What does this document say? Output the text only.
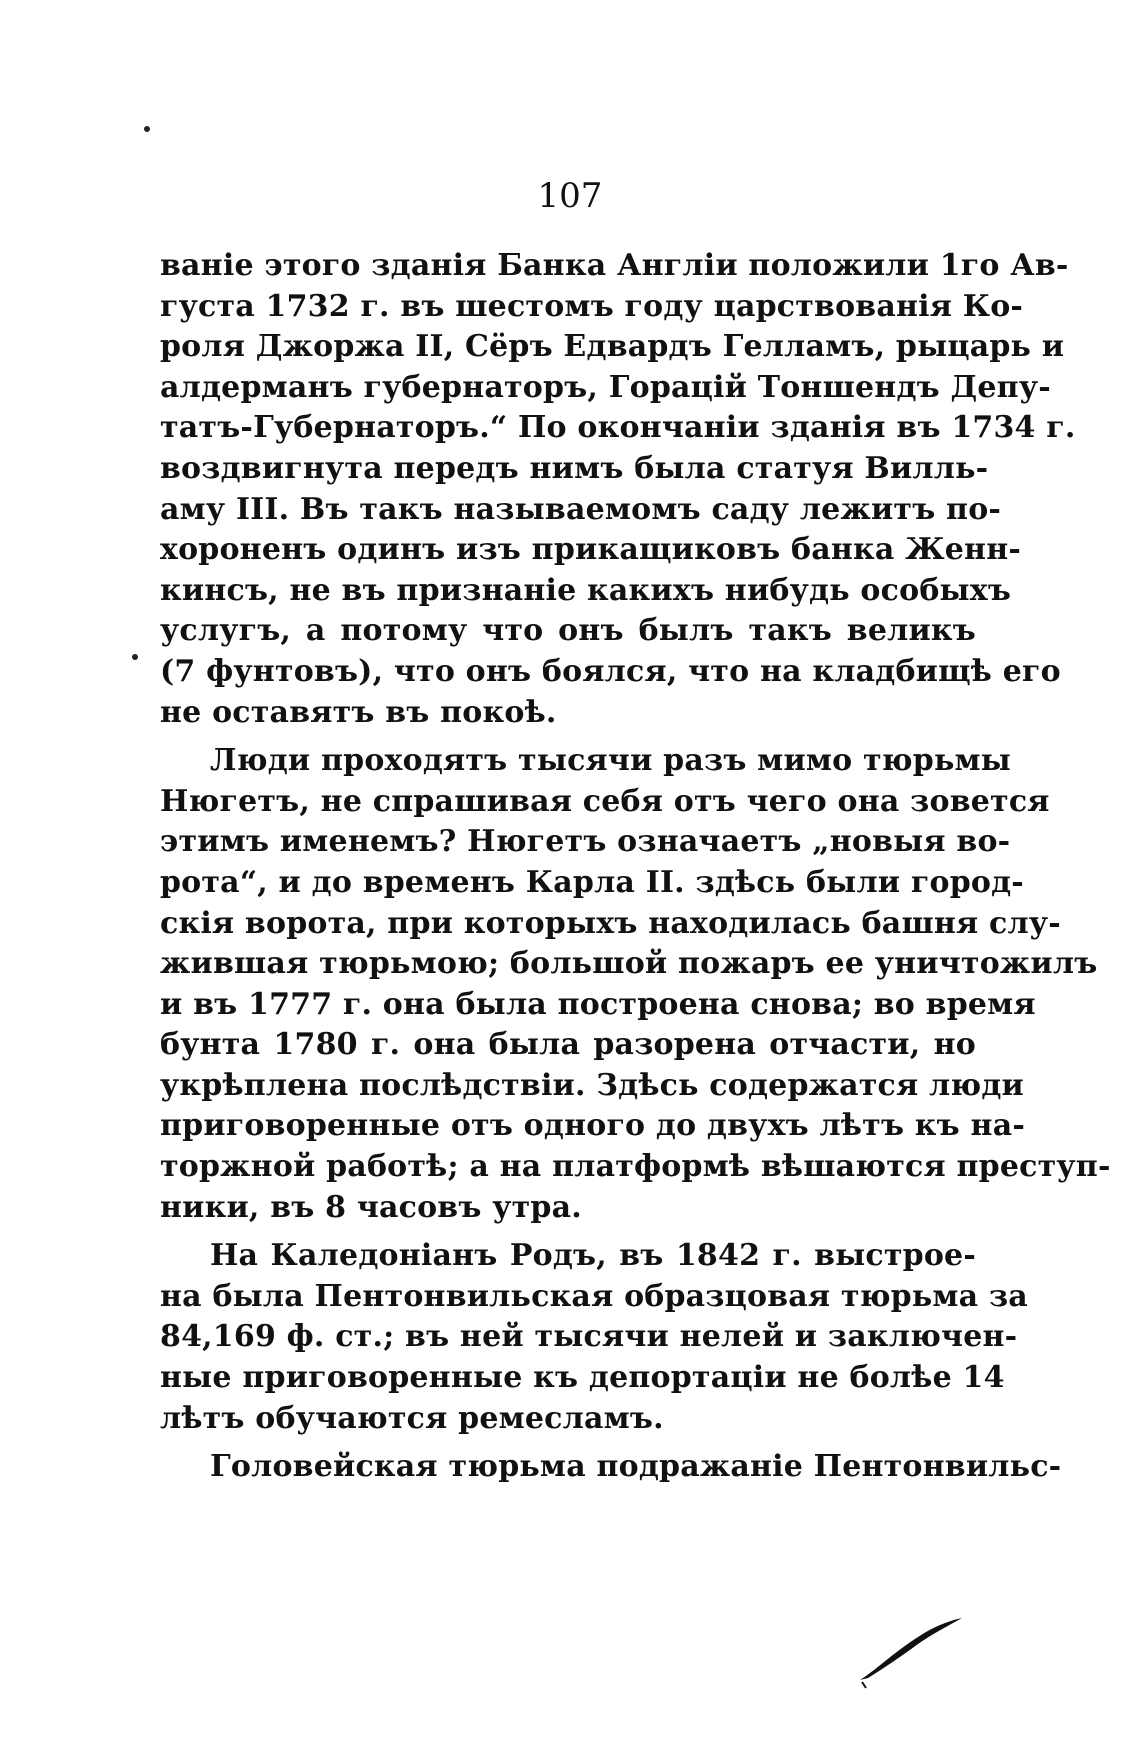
107
ваніе этого зданія Банка Англіи положили 1го Ав-
густа 1732 г. въ шестомъ году царствованія Ко-
роля Джоржа II, Сёръ Едвардъ Гелламъ, рыцарь и
алдерманъ губернаторъ, Горацій Тоншендъ Депу-
татъ-Губернаторъ.“ По окончаніи зданія въ 1734 г.
воздвигнута передъ нимъ была статуя Вилль-
аму III. Въ такъ называемомъ саду лежитъ по-
хороненъ одинъ изъ прикащиковъ банка Женн-
кинсъ, не въ признаніе какихъ нибудь особыхъ
услугъ, а потому что онъ былъ такъ великъ
(7 фунтовъ), что онъ боялся, что на кладбищѣ его
не оставятъ въ покоѣ.
Люди проходятъ тысячи разъ мимо тюрьмы
Нюгетъ, не спрашивая себя отъ чего она зовется
этимъ именемъ? Нюгетъ означаетъ „новыя во-
рота“, и до временъ Карла II. здѣсь были город-
скія ворота, при которыхъ находилась башня слу-
жившая тюрьмою; большой пожаръ ее уничтожилъ
и въ 1777 г. она была построена снова; во время
бунта 1780 г. она была разорена отчасти, но
укрѣплена послѣдствіи. Здѣсь содержатся люди
приговоренные отъ одного до двухъ лѣтъ къ на-
торжной работѣ; а на платформѣ вѣшаются преступ-
ники, въ 8 часовъ утра.
На Каледоніанъ Родъ, въ 1842 г. выстрое-
на была Пентонвильская образцовая тюрьма за
84,169 ф. ст.; въ ней тысячи нелей и заключен-
ные приговоренные къ депортаціи не болѣе 14
лѣтъ обучаются ремесламъ.
Головейская тюрьма подражаніе Пентонвильс-
